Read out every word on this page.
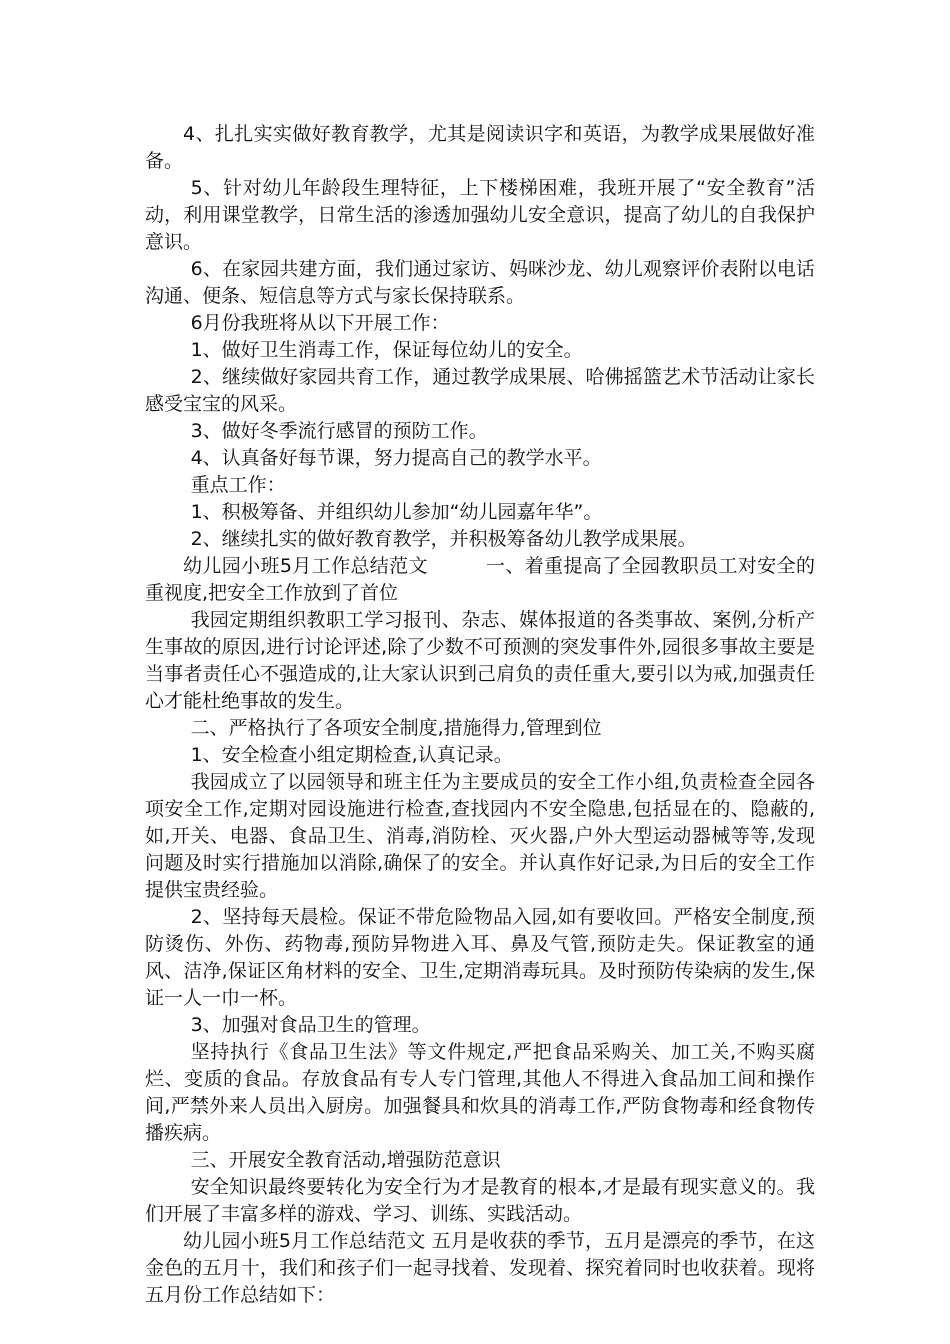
4、扎扎实实做好教育教学，尤其是阅读识字和英语，为教学成果展做好准备。

5、针对幼儿年龄段生理特征，上下楼梯困难，我班开展了“安全教育”活动，利用课堂教学，日常生活的渗透加强幼儿安全意识，提高了幼儿的自我保护意识。

6、在家园共建方面，我们通过家访、妈咪沙龙、幼儿观察评价表附以电话沟通、便条、短信息等方式与家长保持联系。

6月份我班将从以下开展工作：

1、做好卫生消毒工作，保证每位幼儿的安全。

2、继续做好家园共育工作，通过教学成果展、哈佛摇篮艺术节活动让家长感受宝宝的风采。

3、做好冬季流行感冒的预防工作。

4、认真备好每节课，努力提高自己的教学水平。

重点工作：

1、积极筹备、并组织幼儿参加“幼儿园嘉年华”。

2、继续扎实的做好教育教学，并积极筹备幼儿教学成果展。

幼儿园小班5月工作总结范文　　　一、着重提高了全园教职员工对安全的重视度,把安全工作放到了首位

我园定期组织教职工学习报刊、杂志、媒体报道的各类事故、案例,分析产生事故的原因,进行讨论评述,除了少数不可预测的突发事件外,园很多事故主要是当事者责任心不强造成的,让大家认识到己肩负的责任重大,要引以为戒,加强责任心才能杜绝事故的发生。

二、严格执行了各项安全制度,措施得力,管理到位

1、安全检查小组定期检查,认真记录。

我园成立了以园领导和班主任为主要成员的安全工作小组,负责检查全园各项安全工作,定期对园设施进行检查,查找园内不安全隐患,包括显在的、隐蔽的,如,开关、电器、食品卫生、消毒,消防栓、灭火器,户外大型运动器械等等,发现问题及时实行措施加以消除,确保了的安全。并认真作好记录,为日后的安全工作提供宝贵经验。

2、坚持每天晨检。保证不带危险物品入园,如有要收回。严格安全制度,预防烫伤、外伤、药物毒,预防异物进入耳、鼻及气管,预防走失。保证教室的通风、洁净,保证区角材料的安全、卫生,定期消毒玩具。及时预防传染病的发生,保证一人一巾一杯。

3、加强对食品卫生的管理。

坚持执行《食品卫生法》等文件规定,严把食品采购关、加工关,不购买腐烂、变质的食品。存放食品有专人专门管理,其他人不得进入食品加工间和操作间,严禁外来人员出入厨房。加强餐具和炊具的消毒工作,严防食物毒和经食物传播疾病。

三、开展安全教育活动,增强防范意识

安全知识最终要转化为安全行为才是教育的根本,才是最有现实意义的。我们开展了丰富多样的游戏、学习、训练、实践活动。

幼儿园小班5月工作总结范文 五月是收获的季节，五月是漂亮的季节，在这金色的五月十，我们和孩子们一起寻找着、发现着、探究着同时也收获着。现将五月份工作总结如下：
